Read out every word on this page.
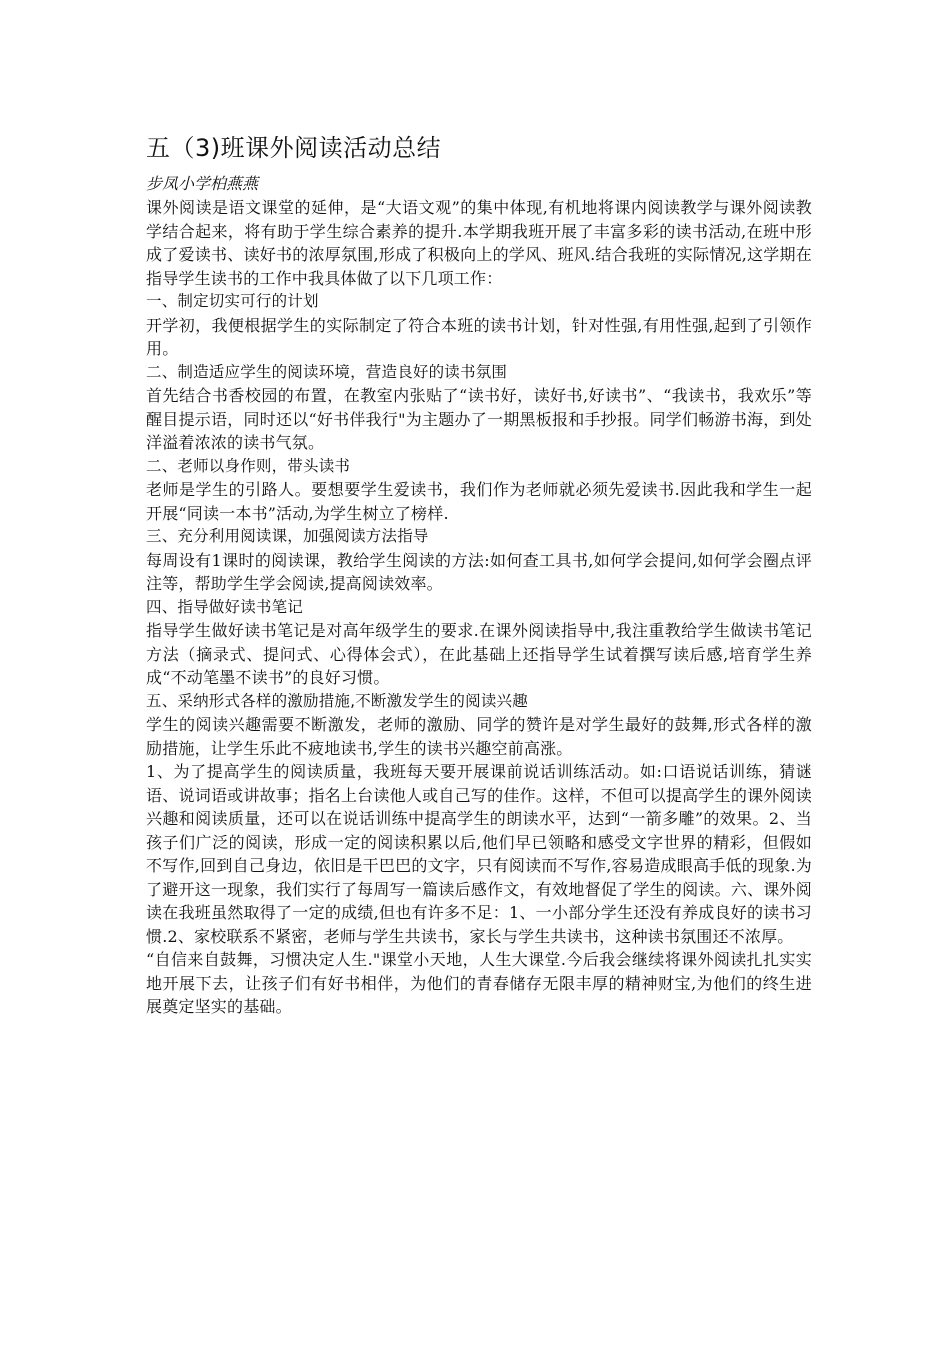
五（3)班课外阅读活动总结

步凤小学柏燕燕

课外阅读是语文课堂的延伸，是“大语文观”的集中体现,有机地将课内阅读教学与课外阅读教学结合起来，将有助于学生综合素养的提升.本学期我班开展了丰富多彩的读书活动,在班中形成了爱读书、读好书的浓厚氛围,形成了积极向上的学风、班风.结合我班的实际情况,这学期在指导学生读书的工作中我具体做了以下几项工作：

一、制定切实可行的计划

开学初，我便根据学生的实际制定了符合本班的读书计划，针对性强,有用性强,起到了引领作用。

二、制造适应学生的阅读环境，营造良好的读书氛围

首先结合书香校园的布置，在教室内张贴了“读书好，读好书,好读书”、“我读书，我欢乐”等醒目提示语，同时还以“好书伴我行"为主题办了一期黑板报和手抄报。同学们畅游书海，到处洋溢着浓浓的读书气氛。

二、老师以身作则，带头读书

老师是学生的引路人。要想要学生爱读书，我们作为老师就必须先爱读书.因此我和学生一起开展“同读一本书”活动,为学生树立了榜样.

三、充分利用阅读课，加强阅读方法指导

每周设有1课时的阅读课，教给学生阅读的方法:如何查工具书,如何学会提问,如何学会圈点评注等，帮助学生学会阅读,提高阅读效率。

四、指导做好读书笔记

指导学生做好读书笔记是对高年级学生的要求.在课外阅读指导中,我注重教给学生做读书笔记方法（摘录式、提问式、心得体会式），在此基础上还指导学生试着撰写读后感,培育学生养成“不动笔墨不读书”的良好习惯。

五、采纳形式各样的激励措施,不断激发学生的阅读兴趣

学生的阅读兴趣需要不断激发，老师的激励、同学的赞许是对学生最好的鼓舞,形式各样的激励措施，让学生乐此不疲地读书,学生的读书兴趣空前高涨。

1、为了提高学生的阅读质量，我班每天要开展课前说话训练活动。如:口语说话训练，猜谜语、说词语或讲故事；指名上台读他人或自己写的佳作。这样，不但可以提高学生的课外阅读兴趣和阅读质量，还可以在说话训练中提高学生的朗读水平，达到“一箭多雕”的效果。2、当孩子们广泛的阅读，形成一定的阅读积累以后,他们早已领略和感受文字世界的精彩，但假如不写作,回到自己身边，依旧是干巴巴的文字，只有阅读而不写作,容易造成眼高手低的现象.为了避开这一现象，我们实行了每周写一篇读后感作文，有效地督促了学生的阅读。六、课外阅读在我班虽然取得了一定的成绩,但也有许多不足：1、一小部分学生还没有养成良好的读书习惯.2、家校联系不紧密，老师与学生共读书，家长与学生共读书，这种读书氛围还不浓厚。

“自信来自鼓舞，习惯决定人生."课堂小天地，人生大课堂.今后我会继续将课外阅读扎扎实实地开展下去，让孩子们有好书相伴，为他们的青春储存无限丰厚的精神财宝,为他们的终生进展奠定坚实的基础。
